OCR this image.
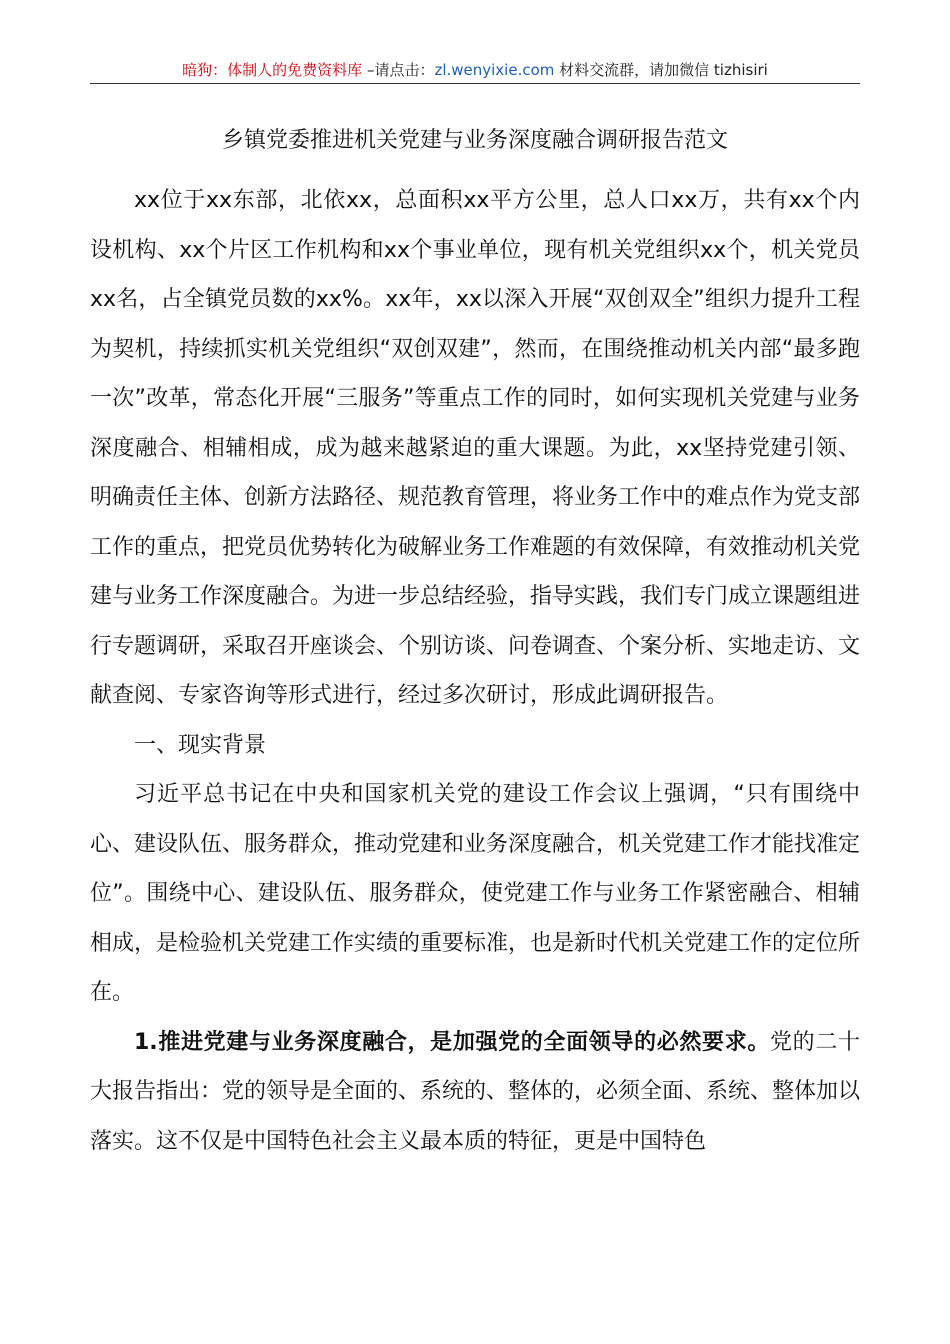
暗狗：体制人的免费资料库 –请点击：zl.wenyixie.com 材料交流群，请加微信 tizhisiri
乡镇党委推进机关党建与业务深度融合调研报告范文

xx位于xx东部，北依xx，总面积xx平方公里，总人口xx万，共有xx个内设机构、xx个片区工作机构和xx个事业单位，现有机关党组织xx个，机关党员xx名，占全镇党员数的xx%。xx年，xx以深入开展“双创双全”组织力提升工程为契机，持续抓实机关党组织“双创双建”，然而，在围绕推动机关内部“最多跑一次”改革，常态化开展“三服务”等重点工作的同时，如何实现机关党建与业务深度融合、相辅相成，成为越来越紧迫的重大课题。为此，xx坚持党建引领、明确责任主体、创新方法路径、规范教育管理，将业务工作中的难点作为党支部工作的重点，把党员优势转化为破解业务工作难题的有效保障，有效推动机关党建与业务工作深度融合。为进一步总结经验，指导实践，我们专门成立课题组进行专题调研，采取召开座谈会、个别访谈、问卷调查、个案分析、实地走访、文献查阅、专家咨询等形式进行，经过多次研讨，形成此调研报告。

一、现实背景

习近平总书记在中央和国家机关党的建设工作会议上强调，“只有围绕中心、建设队伍、服务群众，推动党建和业务深度融合，机关党建工作才能找准定位”。围绕中心、建设队伍、服务群众，使党建工作与业务工作紧密融合、相辅相成，是检验机关党建工作实绩的重要标准，也是新时代机关党建工作的定位所在。

1.推进党建与业务深度融合，是加强党的全面领导的必然要求。党的二十大报告指出：党的领导是全面的、系统的、整体的，必须全面、系统、整体加以落实。这不仅是中国特色社会主义最本质的特征，更是中国特色
